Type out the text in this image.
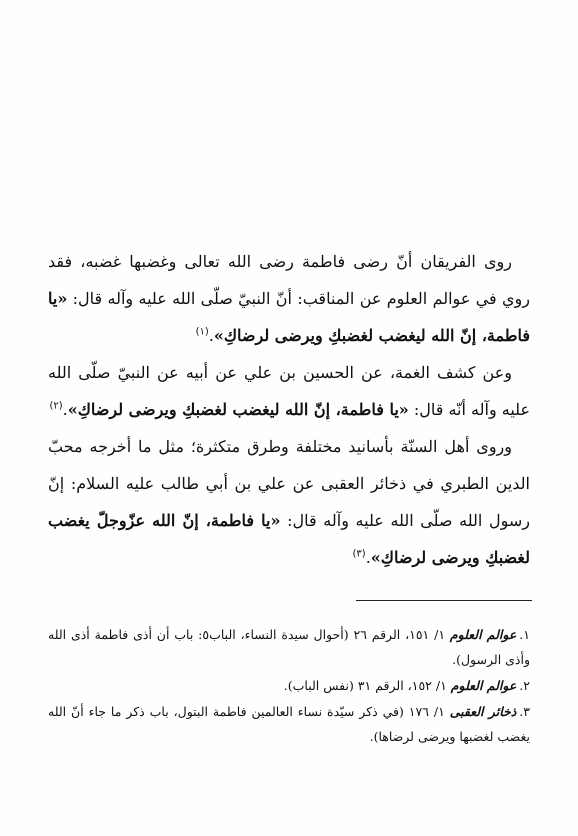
روى الفريقان أنّ رضى فاطمة رضى الله تعالى وغضبها غضبه، فقد روي في عوالم العلوم عن المناقب: أنّ النبيّ صلّى الله عليه وآله قال: «يا فاطمة، إنّ الله ليغضب لغضبكِ ويرضى لرضاكِ».$^{(١)}$

وعن كشف الغمة، عن الحسين بن علي عن أبيه عن النبيّ صلّى الله عليه وآله أنّه قال: «يا فاطمة، إنّ الله ليغضب لغضبكِ ويرضى لرضاكِ».$^{(٢)}$

وروى أهل السنّة بأسانيد مختلفة وطرق متكثرة؛ مثل ما أخرجه محبّ الدين الطبري في ذخائر العقبى عن علي بن أبي طالب عليه السلام: إنّ رسول الله صلّى الله عليه وآله قال: «يا فاطمة، إنّ الله عزّوجلّ يغضب لغضبكِ ويرضى لرضاكِ».$^{(٣)}$

١.عوالم العلوم ١/ ١٥١، الرقم ٢٦ (أحوال سيدة النساء، الباب٥: باب أن أذى فاطمة أذى الله وأذى الرسول).

٢.عوالم العلوم ١/ ١٥٢، الرقم ٣١ (نفس الباب).

٣.ذخائر العقبى ١/ ١٧٦ (في ذكر سيّدة نساء العالمين فاطمة البتول، باب ذكر ما جاء أنّ الله يغضب لغضبها ويرضى لرضاها).
